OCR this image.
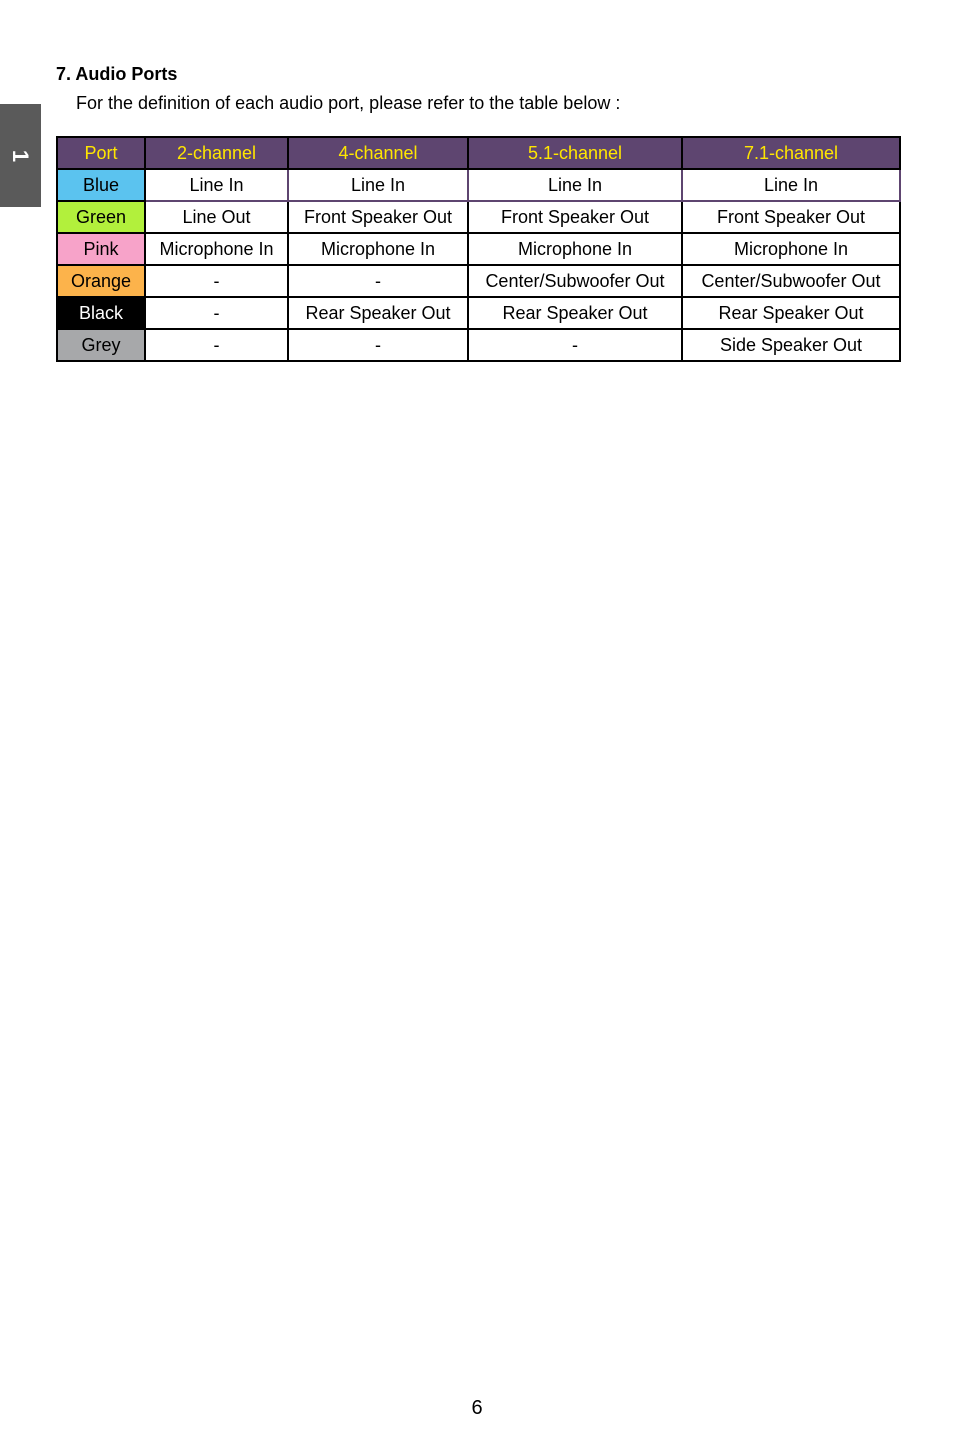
1
7. Audio Ports
For the definition of each audio port, please refer to the table below :
Port	2-channel	4-channel	5.1-channel	7.1-channel
Blue	Line In	Line In	Line In	Line In
Green	Line Out	Front Speaker Out	Front Speaker Out	Front Speaker Out
Pink	Microphone In	Microphone In	Microphone In	Microphone In
Orange	-	-	Center/Subwoofer Out	Center/Subwoofer Out
Black	-	Rear Speaker Out	Rear Speaker Out	Rear Speaker Out
Grey	-	-	-	Side Speaker Out
6
